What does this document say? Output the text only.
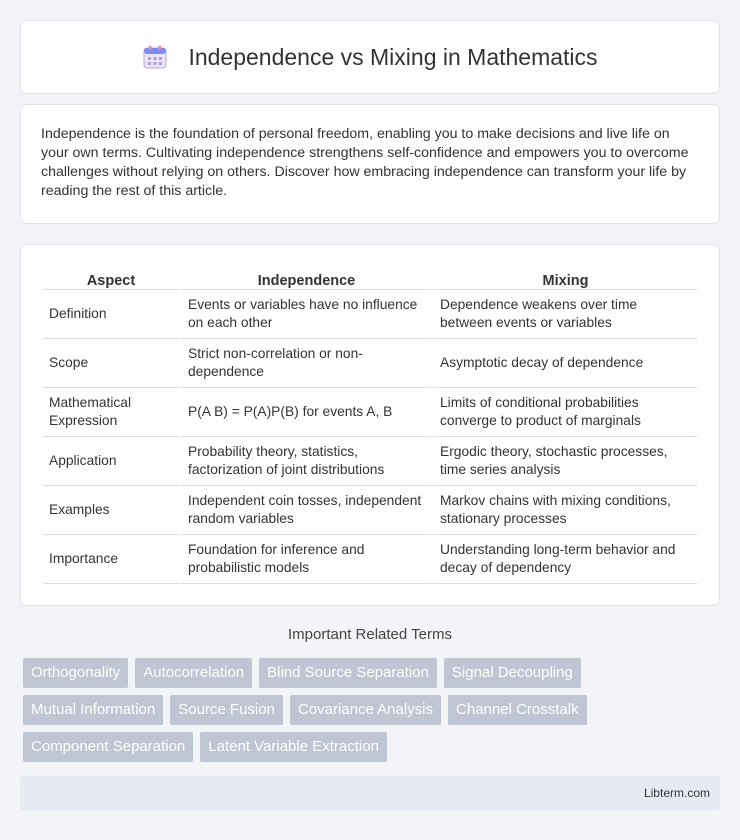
Independence vs Mixing in Mathematics

Independence is the foundation of personal freedom, enabling you to make decisions and live life on your own terms. Cultivating independence strengthens self-confidence and empowers you to overcome challenges without relying on others. Discover how embracing independence can transform your life by reading the rest of this article.

Aspect	Independence	Mixing
Definition	Events or variables have no influence on each other	Dependence weakens over time between events or variables
Scope	Strict non-correlation or non-dependence	Asymptotic decay of dependence
Mathematical Expression	P(A B) = P(A)P(B) for events A, B	Limits of conditional probabilities converge to product of marginals
Application	Probability theory, statistics, factorization of joint distributions	Ergodic theory, stochastic processes, time series analysis
Examples	Independent coin tosses, independent random variables	Markov chains with mixing conditions, stationary processes
Importance	Foundation for inference and probabilistic models	Understanding long-term behavior and decay of dependency
Important Related Terms
Orthogonality	Autocorrelation	Blind Source Separation	Signal Decoupling
Mutual Information	Source Fusion	Covariance Analysis	Channel Crosstalk
Component Separation	Latent Variable Extraction
Libterm.com
